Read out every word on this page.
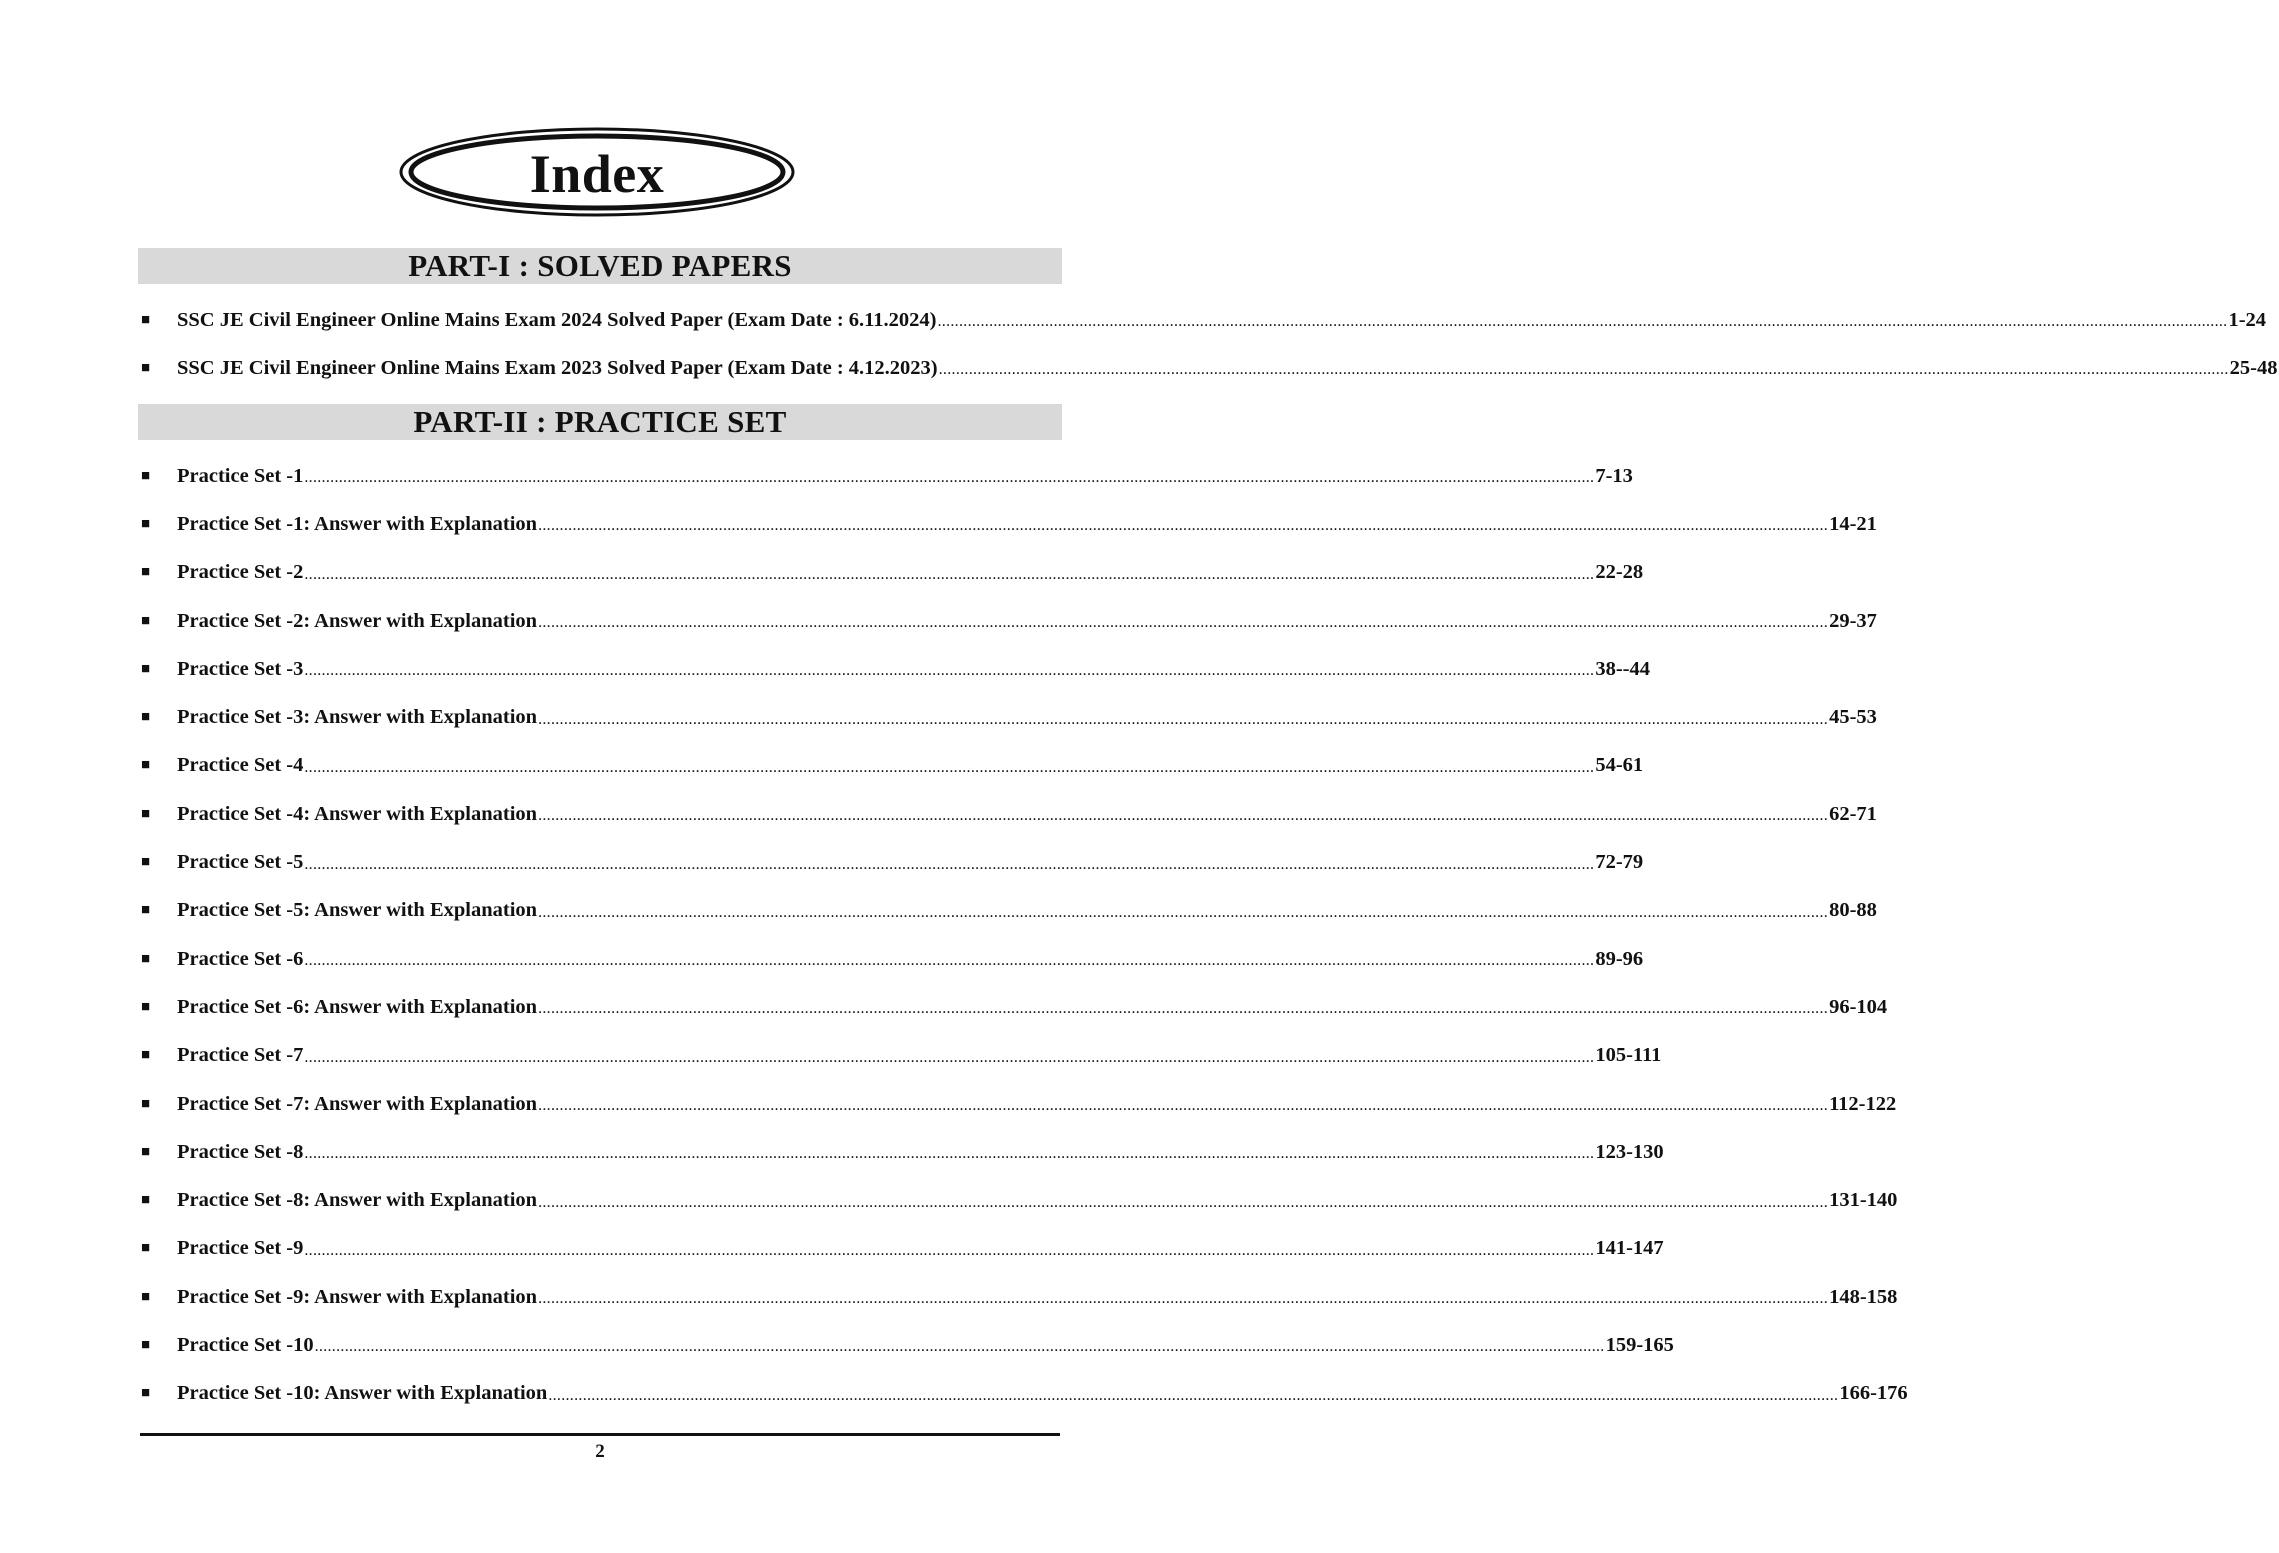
Index
PART-I : SOLVED PAPERS
■	SSC JE Civil Engineer Online Mains Exam 2024 Solved Paper (Exam Date : 6.11.2024) ............................................................................................................................................................................................................................................................................................................ 1-24
■	SSC JE Civil Engineer Online Mains Exam 2023 Solved Paper (Exam Date : 4.12.2023) ............................................................................................................................................................................................................................................................................................................ 25-48
PART-II : PRACTICE SET
■	Practice Set -1 ............................................................................................................................................................................................................................................................................................................ 7-13
■	Practice Set -1: Answer with Explanation ............................................................................................................................................................................................................................................................................................................ 14-21
■	Practice Set -2 ............................................................................................................................................................................................................................................................................................................ 22-28
■	Practice Set -2: Answer with Explanation ............................................................................................................................................................................................................................................................................................................ 29-37
■	Practice Set -3 ............................................................................................................................................................................................................................................................................................................ 38--44
■	Practice Set -3: Answer with Explanation ............................................................................................................................................................................................................................................................................................................ 45-53
■	Practice Set -4 ............................................................................................................................................................................................................................................................................................................ 54-61
■	Practice Set -4: Answer with Explanation ............................................................................................................................................................................................................................................................................................................ 62-71
■	Practice Set -5 ............................................................................................................................................................................................................................................................................................................ 72-79
■	Practice Set -5: Answer with Explanation ............................................................................................................................................................................................................................................................................................................ 80-88
■	Practice Set -6 ............................................................................................................................................................................................................................................................................................................ 89-96
■	Practice Set -6: Answer with Explanation ............................................................................................................................................................................................................................................................................................................ 96-104
■	Practice Set -7 ............................................................................................................................................................................................................................................................................................................ 105-111
■	Practice Set -7: Answer with Explanation ............................................................................................................................................................................................................................................................................................................ 112-122
■	Practice Set -8 ............................................................................................................................................................................................................................................................................................................ 123-130
■	Practice Set -8: Answer with Explanation ............................................................................................................................................................................................................................................................................................................ 131-140
■	Practice Set -9 ............................................................................................................................................................................................................................................................................................................ 141-147
■	Practice Set -9: Answer with Explanation ............................................................................................................................................................................................................................................................................................................ 148-158
■	Practice Set -10 ............................................................................................................................................................................................................................................................................................................ 159-165
■	Practice Set -10: Answer with Explanation ............................................................................................................................................................................................................................................................................................................ 166-176
2
